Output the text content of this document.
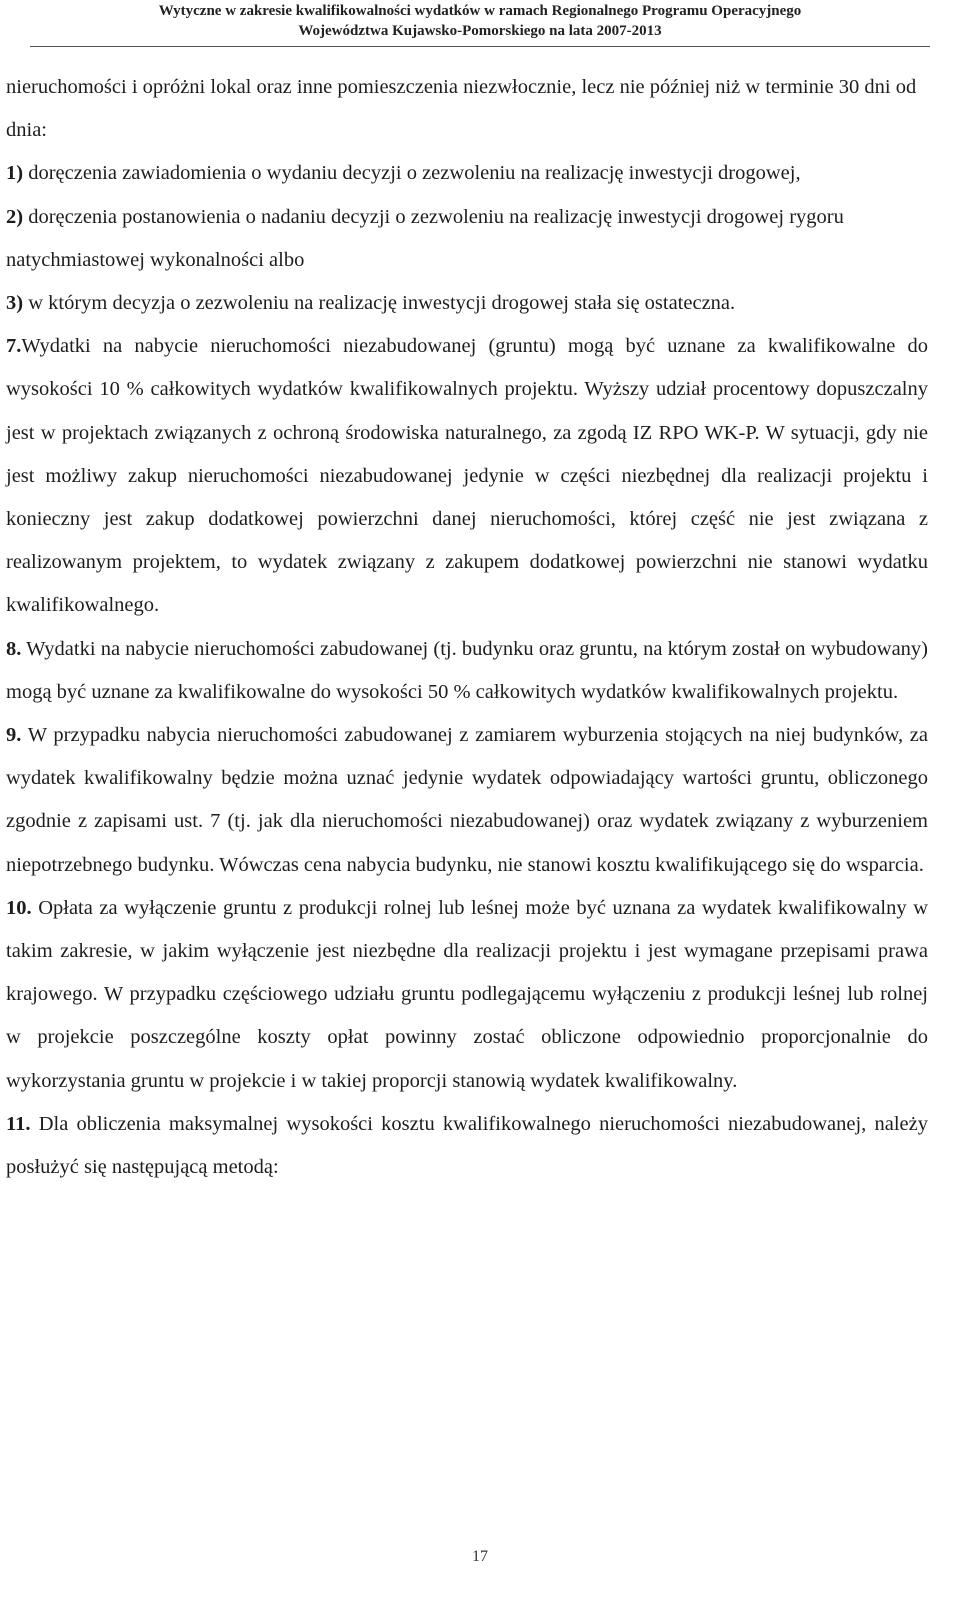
Wytyczne w zakresie kwalifikowalności wydatków w ramach Regionalnego Programu Operacyjnego
Województwa Kujawsko-Pomorskiego na lata 2007-2013

nieruchomości i opróżni lokal oraz inne pomieszczenia niezwłocznie, lecz nie później niż w terminie 30 dni od dnia:

1) doręczenia zawiadomienia o wydaniu decyzji o zezwoleniu na realizację inwestycji drogowej,

2) doręczenia postanowienia o nadaniu decyzji o zezwoleniu na realizację inwestycji drogowej rygoru natychmiastowej wykonalności albo

3) w którym decyzja o zezwoleniu na realizację inwestycji drogowej stała się ostateczna.

7.Wydatki na nabycie nieruchomości niezabudowanej (gruntu) mogą być uznane za kwalifikowalne do wysokości 10 % całkowitych wydatków kwalifikowalnych projektu. Wyższy udział procentowy dopuszczalny jest w projektach związanych z ochroną środowiska naturalnego, za zgodą IZ RPO WK-P. W sytuacji, gdy nie jest możliwy zakup nieruchomości niezabudowanej jedynie w części niezbędnej dla realizacji projektu i konieczny jest zakup dodatkowej powierzchni danej nieruchomości, której część nie jest związana z realizowanym projektem, to wydatek związany z zakupem dodatkowej powierzchni nie stanowi wydatku kwalifikowalnego.

8. Wydatki na nabycie nieruchomości zabudowanej (tj. budynku oraz gruntu, na którym został on wybudowany) mogą być uznane za kwalifikowalne do wysokości 50 % całkowitych wydatków kwalifikowalnych projektu.

9. W przypadku nabycia nieruchomości zabudowanej z zamiarem wyburzenia stojących na niej budynków, za wydatek kwalifikowalny będzie można uznać jedynie wydatek odpowiadający wartości gruntu, obliczonego zgodnie z zapisami ust. 7 (tj. jak dla nieruchomości niezabudowanej) oraz wydatek związany z wyburzeniem niepotrzebnego budynku. Wówczas cena nabycia budynku, nie stanowi kosztu kwalifikującego się do wsparcia.

10. Opłata za wyłączenie gruntu z produkcji rolnej lub leśnej może być uznana za wydatek kwalifikowalny w takim zakresie, w jakim wyłączenie jest niezbędne dla realizacji projektu i jest wymagane przepisami prawa krajowego. W przypadku częściowego udziału gruntu podlegającemu wyłączeniu z produkcji leśnej lub rolnej w projekcie poszczególne koszty opłat powinny zostać obliczone odpowiednio proporcjonalnie do wykorzystania gruntu w projekcie i w takiej proporcji stanowią wydatek kwalifikowalny.

11. Dla obliczenia maksymalnej wysokości kosztu kwalifikowalnego nieruchomości niezabudowanej, należy posłużyć się następującą metodą:

17
